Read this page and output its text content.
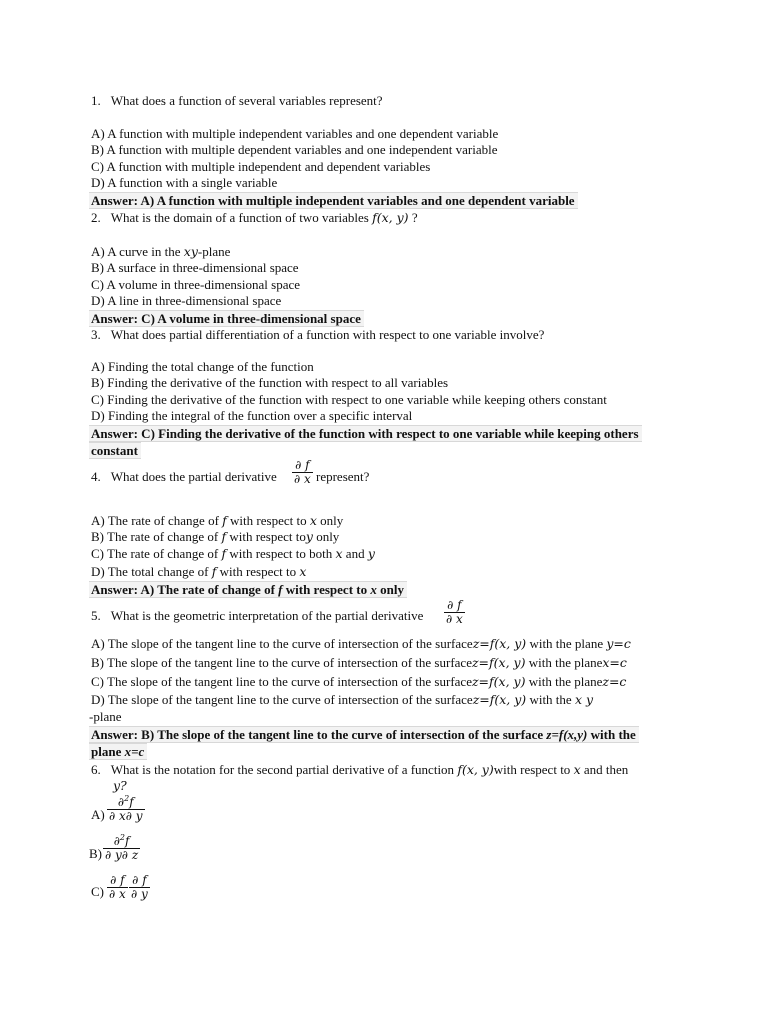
1. What does a function of several variables represent?
A) A function with multiple independent variables and one dependent variable
B) A function with multiple dependent variables and one independent variable
C) A function with multiple independent and dependent variables
D) A function with a single variable
Answer: A) A function with multiple independent variables and one dependent variable
2. What is the domain of a function of two variables f(x, y) ?
A) A curve in the xy-plane
B) A surface in three-dimensional space
C) A volume in three-dimensional space
D) A line in three-dimensional space
Answer: C) A volume in three-dimensional space
3. What does partial differentiation of a function with respect to one variable involve?
A) Finding the total change of the function
B) Finding the derivative of the function with respect to all variables
C) Finding the derivative of the function with respect to one variable while keeping others constant
D) Finding the integral of the function over a specific interval
Answer: C) Finding the derivative of the function with respect to one variable while keeping others
constant
4. What does the partial derivative $\frac{\partial f}{\partial x}$ represent?
A) The rate of change of f with respect to x only
B) The rate of change of f with respect toy only
C) The rate of change of f with respect to both x and y
D) The total change of f with respect to x
Answer: A) The rate of change of f with respect to x only
5. What is the geometric interpretation of the partial derivative $\frac{\partial f}{\partial x}$
A) The slope of the tangent line to the curve of intersection of the surfacez=f(x, y) with the plane y=c
B) The slope of the tangent line to the curve of intersection of the surfacez=f(x, y) with the planex=c
C) The slope of the tangent line to the curve of intersection of the surfacez=f(x, y) with the planez=c
D) The slope of the tangent line to the curve of intersection of the surfacez=f(x, y) with the x y
-plane
Answer: B) The slope of the tangent line to the curve of intersection of the surface z=f(x,y) with the
plane x=c
6. What is the notation for the second partial derivative of a function f(x, y)with respect to x and then
y?
$A) \frac{\partial^2f}{\partial x\partial y}$
$B) \frac{\partial^2f}{\partial y\partial z}$
$C) \frac{\partial f}{\partial x} \frac{\partial f}{\partial y}$
